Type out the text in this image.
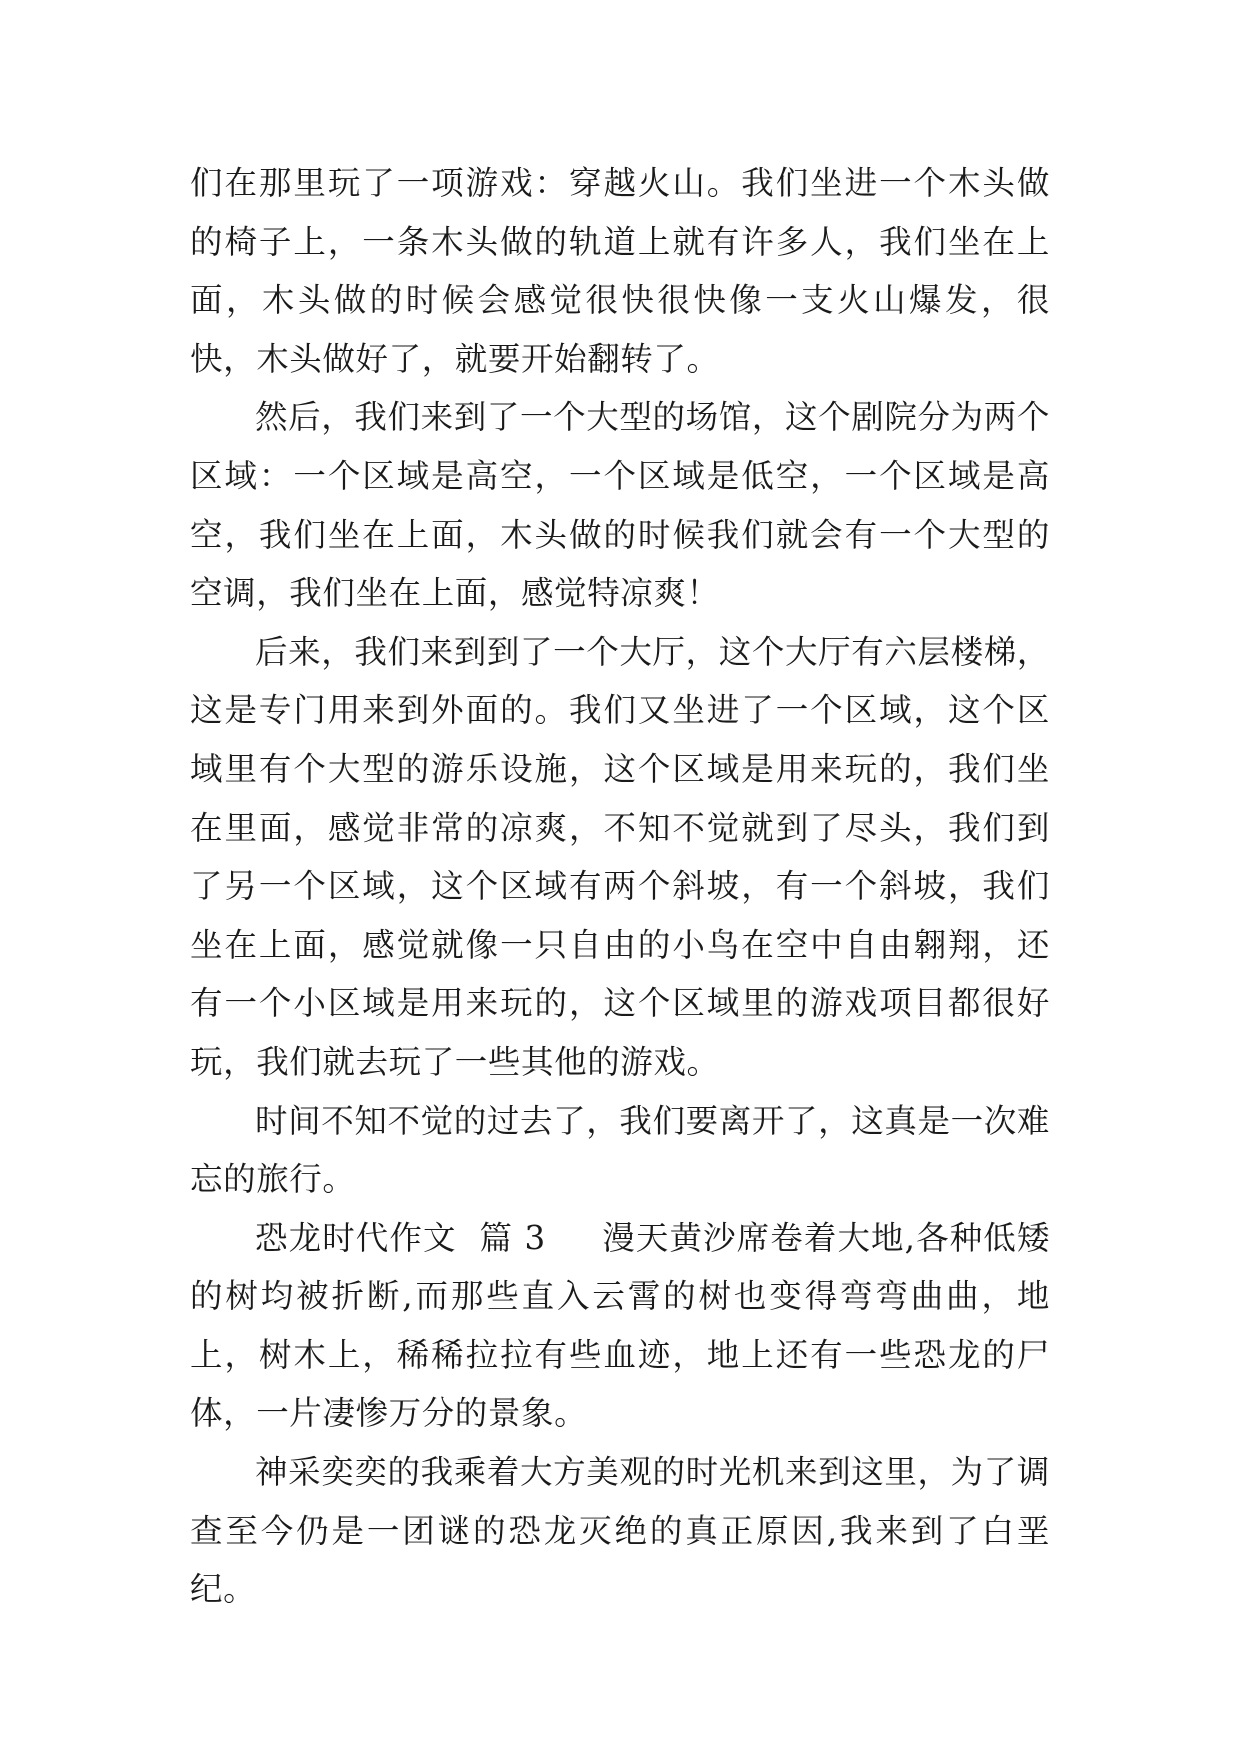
们在那里玩了一项游戏：穿越火山。我们坐进一个木头做的椅子上，一条木头做的轨道上就有许多人，我们坐在上面，木头做的时候会感觉很快很快像一支火山爆发，很快，木头做好了，就要开始翻转了。

然后，我们来到了一个大型的场馆，这个剧院分为两个区域：一个区域是高空，一个区域是低空，一个区域是高空，我们坐在上面，木头做的时候我们就会有一个大型的空调，我们坐在上面，感觉特凉爽！

后来，我们来到到了一个大厅，这个大厅有六层楼梯，这是专门用来到外面的。我们又坐进了一个区域，这个区域里有个大型的游乐设施，这个区域是用来玩的，我们坐在里面，感觉非常的凉爽，不知不觉就到了尽头，我们到了另一个区域，这个区域有两个斜坡，有一个斜坡，我们坐在上面，感觉就像一只自由的小鸟在空中自由翱翔，还有一个小区域是用来玩的，这个区域里的游戏项目都很好玩，我们就去玩了一些其他的游戏。

时间不知不觉的过去了，我们要离开了，这真是一次难忘的旅行。

恐龙时代作文  篇 3 漫天黄沙席卷着大地,各种低矮的树均被折断,而那些直入云霄的树也变得弯弯曲曲，地上，树木上，稀稀拉拉有些血迹，地上还有一些恐龙的尸体，一片凄惨万分的景象。

神采奕奕的我乘着大方美观的时光机来到这里，为了调查至今仍是一团谜的恐龙灭绝的真正原因,我来到了白垩纪。
